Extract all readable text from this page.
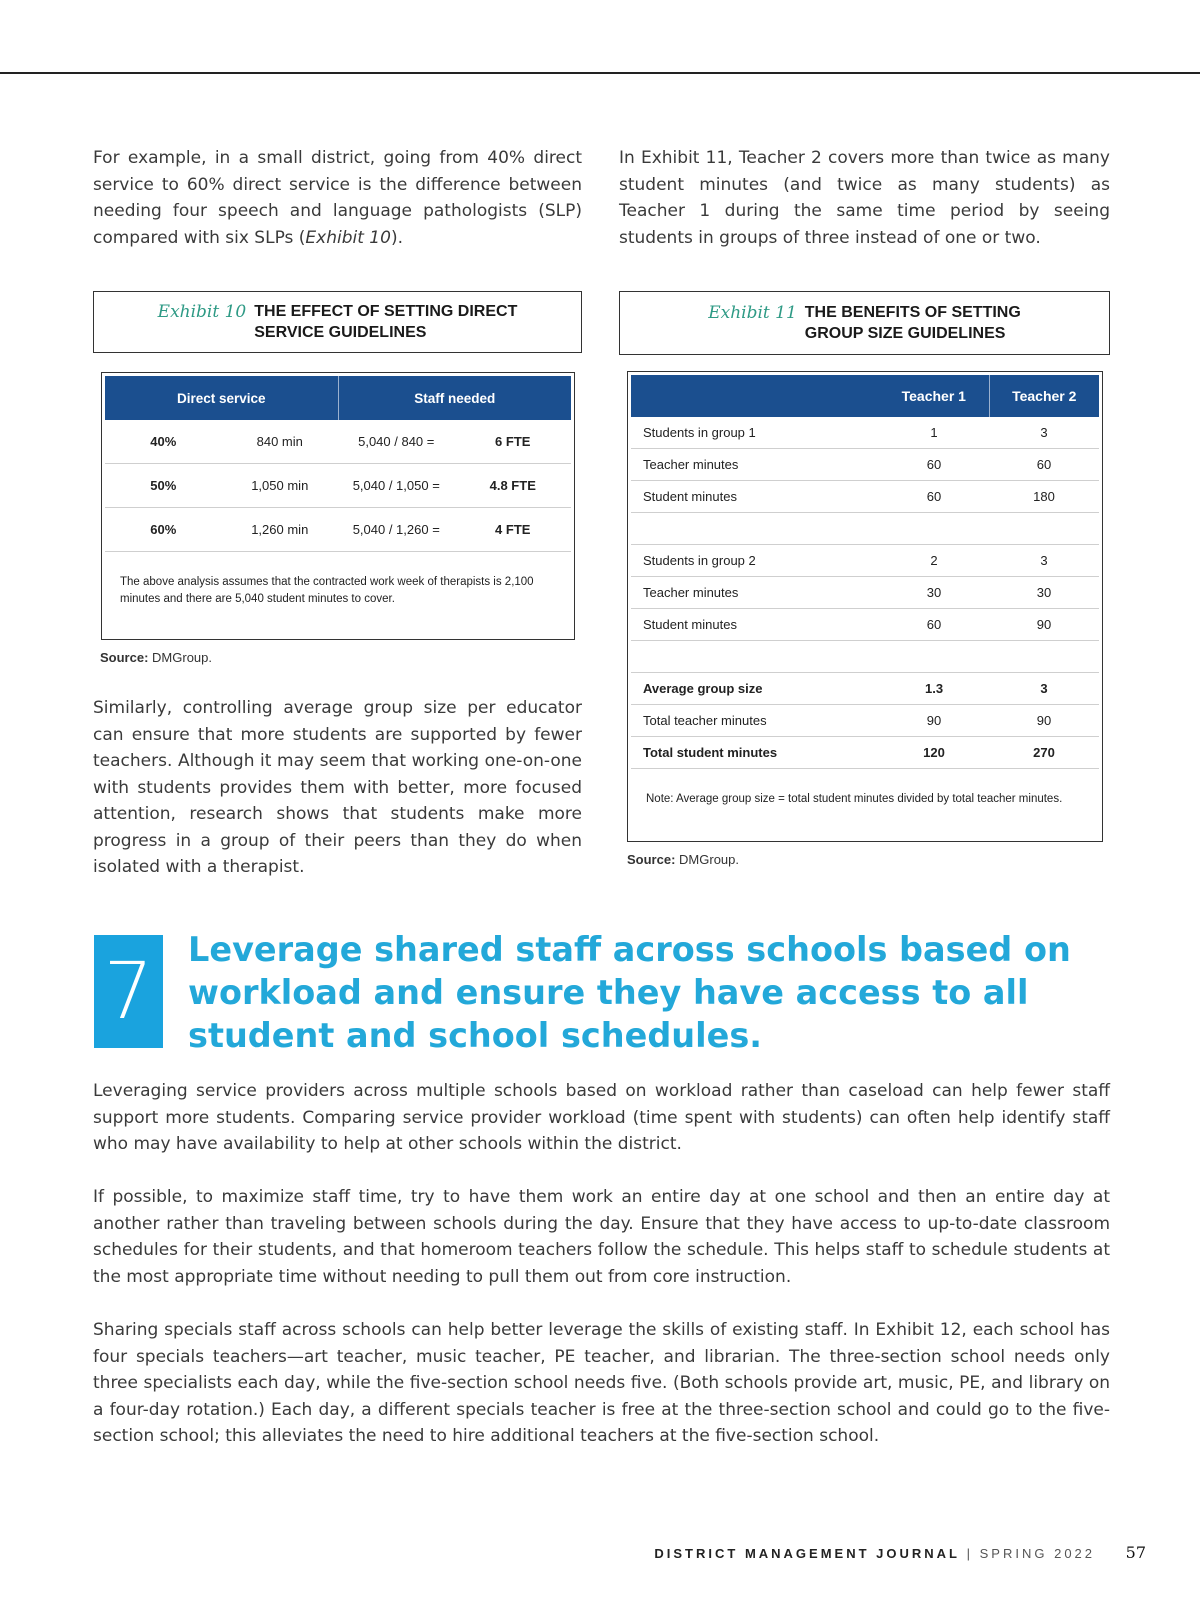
For example, in a small district, going from 40% direct service to 60% direct service is the difference between needing four speech and language pathologists (SLP) compared with six SLPs (Exhibit 10).

In Exhibit 11, Teacher 2 covers more than twice as many student minutes (and twice as many students) as Teacher 1 during the same time period by seeing students in groups of three instead of one or two.

Exhibit 10 THE EFFECT OF SETTING DIRECT
SERVICE GUIDELINES
Direct service		Staff needed	
40%	840 min	5,040 / 840 =	6 FTE
50%	1,050 min	5,040 / 1,050 =	4.8 FTE
60%	1,260 min	5,040 / 1,260 =	4 FTE
The above analysis assumes that the contracted work week of therapists is 2,100 minutes and there are 5,040 student minutes to cover.
Source: DMGroup.

Similarly, controlling average group size per educator can ensure that more students are supported by fewer teachers. Although it may seem that working one-on-one with students provides them with better, more focused attention, research shows that students make more progress in a group of their peers than they do when isolated with a therapist.

Exhibit 11 THE BENEFITS OF SETTING
GROUP SIZE GUIDELINES
	Teacher 1	Teacher 2
Students in group 1	1	3
Teacher minutes	60	60
Student minutes	60	180

Students in group 2	2	3
Teacher minutes	30	30
Student minutes	60	90

Average group size	1.3	3
Total teacher minutes	90	90
Total student minutes	120	270
Note: Average group size = total student minutes divided by total teacher minutes.
Source: DMGroup.
7 Leverage shared staff across schools based on workload and ensure they have access to all student and school schedules.

Leveraging service providers across multiple schools based on workload rather than caseload can help fewer staff support more students. Comparing service provider workload (time spent with students) can often help identify staff who may have availability to help at other schools within the district.

If possible, to maximize staff time, try to have them work an entire day at one school and then an entire day at another rather than traveling between schools during the day. Ensure that they have access to up-to-date classroom schedules for their students, and that homeroom teachers follow the schedule. This helps staff to schedule students at the most appropriate time without needing to pull them out from core instruction.

Sharing specials staff across schools can help better leverage the skills of existing staff. In Exhibit 12, each school has four specials teachers—art teacher, music teacher, PE teacher, and librarian. The three-section school needs only three specialists each day, while the five-section school needs five. (Both schools provide art, music, PE, and library on a four-day rotation.) Each day, a different specials teacher is free at the three-section school and could go to the five-section school; this alleviates the need to hire additional teachers at the five-section school.

DISTRICT MANAGEMENT JOURNAL | SPRING 2022 57
